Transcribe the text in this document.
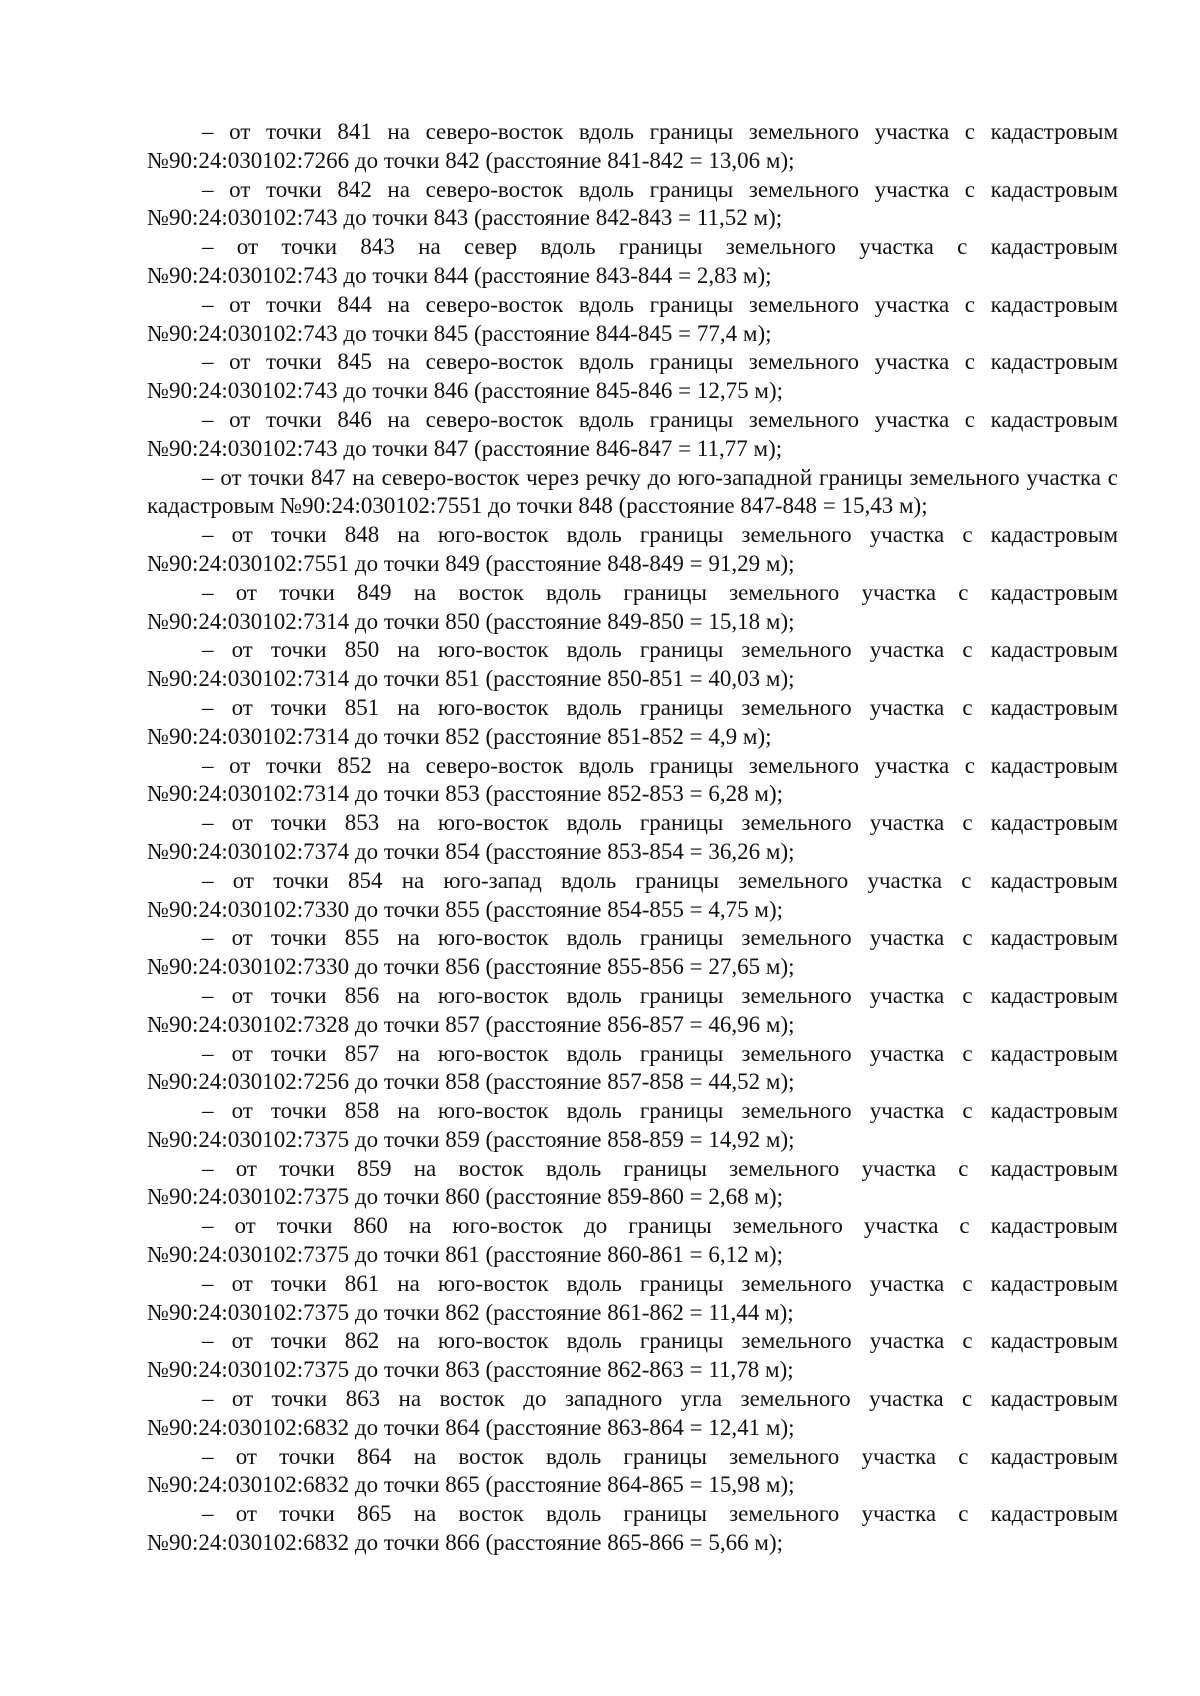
– от точки 841 на северо-восток вдоль границы земельного участка с кадастровым №90:24:030102:7266 до точки 842 (расстояние 841-842 = 13,06 м);

– от точки 842 на северо-восток вдоль границы земельного участка с кадастровым №90:24:030102:743 до точки 843 (расстояние 842-843 = 11,52 м);

– от точки 843 на север вдоль границы земельного участка с кадастровым №90:24:030102:743 до точки 844 (расстояние 843-844 = 2,83 м);

– от точки 844 на северо-восток вдоль границы земельного участка с кадастровым №90:24:030102:743 до точки 845 (расстояние 844-845 = 77,4 м);

– от точки 845 на северо-восток вдоль границы земельного участка с кадастровым №90:24:030102:743 до точки 846 (расстояние 845-846 = 12,75 м);

– от точки 846 на северо-восток вдоль границы земельного участка с кадастровым №90:24:030102:743 до точки 847 (расстояние 846-847 = 11,77 м);

– от точки 847 на северо-восток через речку до юго-западной границы земельного участка с кадастровым №90:24:030102:7551 до точки 848 (расстояние 847-848 = 15,43 м);

– от точки 848 на юго-восток вдоль границы земельного участка с кадастровым №90:24:030102:7551 до точки 849 (расстояние 848-849 = 91,29 м);

– от точки 849 на восток вдоль границы земельного участка с кадастровым №90:24:030102:7314 до точки 850 (расстояние 849-850 = 15,18 м);

– от точки 850 на юго-восток вдоль границы земельного участка с кадастровым №90:24:030102:7314 до точки 851 (расстояние 850-851 = 40,03 м);

– от точки 851 на юго-восток вдоль границы земельного участка с кадастровым №90:24:030102:7314 до точки 852 (расстояние 851-852 = 4,9 м);

– от точки 852 на северо-восток вдоль границы земельного участка с кадастровым №90:24:030102:7314 до точки 853 (расстояние 852-853 = 6,28 м);

– от точки 853 на юго-восток вдоль границы земельного участка с кадастровым №90:24:030102:7374 до точки 854 (расстояние 853-854 = 36,26 м);

– от точки 854 на юго-запад вдоль границы земельного участка с кадастровым №90:24:030102:7330 до точки 855 (расстояние 854-855 = 4,75 м);

– от точки 855 на юго-восток вдоль границы земельного участка с кадастровым №90:24:030102:7330 до точки 856 (расстояние 855-856 = 27,65 м);

– от точки 856 на юго-восток вдоль границы земельного участка с кадастровым №90:24:030102:7328 до точки 857 (расстояние 856-857 = 46,96 м);

– от точки 857 на юго-восток вдоль границы земельного участка с кадастровым №90:24:030102:7256 до точки 858 (расстояние 857-858 = 44,52 м);

– от точки 858 на юго-восток вдоль границы земельного участка с кадастровым №90:24:030102:7375 до точки 859 (расстояние 858-859 = 14,92 м);

– от точки 859 на восток вдоль границы земельного участка с кадастровым №90:24:030102:7375 до точки 860 (расстояние 859-860 = 2,68 м);

– от точки 860 на юго-восток до границы земельного участка с кадастровым №90:24:030102:7375 до точки 861 (расстояние 860-861 = 6,12 м);

– от точки 861 на юго-восток вдоль границы земельного участка с кадастровым №90:24:030102:7375 до точки 862 (расстояние 861-862 = 11,44 м);

– от точки 862 на юго-восток вдоль границы земельного участка с кадастровым №90:24:030102:7375 до точки 863 (расстояние 862-863 = 11,78 м);

– от точки 863 на восток до западного угла земельного участка с кадастровым №90:24:030102:6832 до точки 864 (расстояние 863-864 = 12,41 м);

– от точки 864 на восток вдоль границы земельного участка с кадастровым №90:24:030102:6832 до точки 865 (расстояние 864-865 = 15,98 м);

– от точки 865 на восток вдоль границы земельного участка с кадастровым №90:24:030102:6832 до точки 866 (расстояние 865-866 = 5,66 м);
